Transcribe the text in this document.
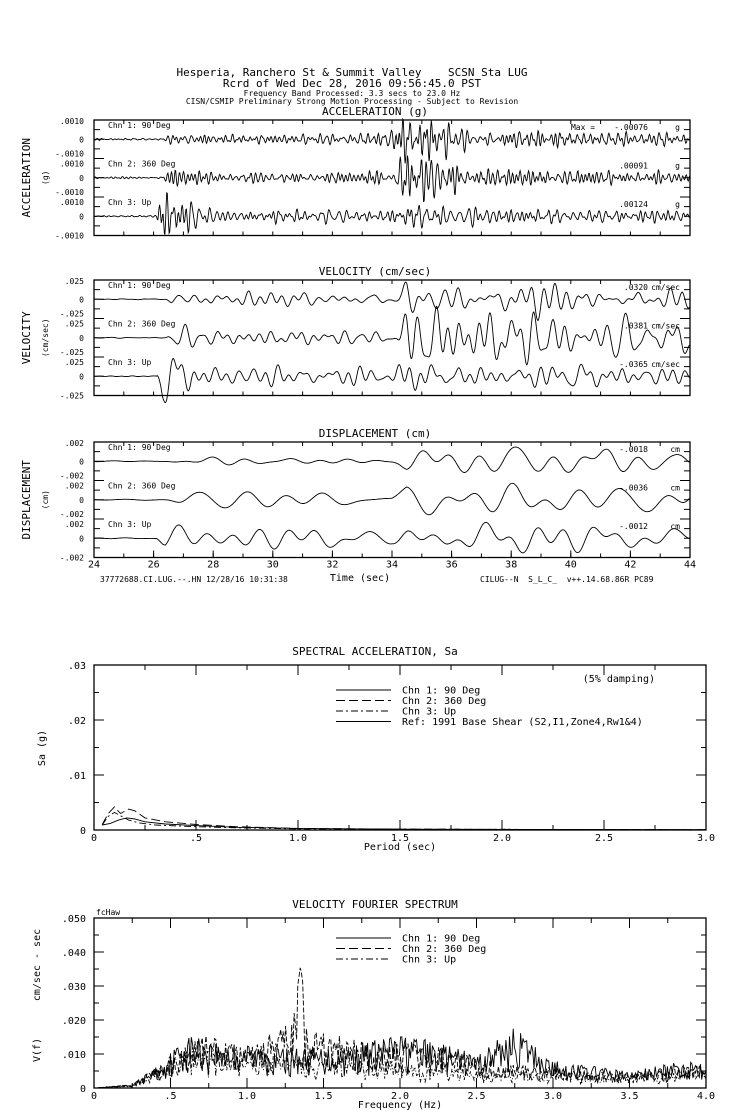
Hesperia, Ranchero St & Summit Valley    SCSN Sta LUG
Rcrd of Wed Dec 28, 2016 09:56:45.0 PST
Frequency Band Processed: 3.3 secs to 23.0 Hz
CISN/CSMIP Preliminary Strong Motion Processing - Subject to Revision
ACCELERATION (g)
ACCELERATION (g)
.0010
0
-.0010
Chn 1: 90 Deg	Max =    -.00076	g
.0010
0
-.0010
Chn 2: 360 Deg	.00091	g
.0010
0
-.0010
Chn 3: Up	.00124	g
VELOCITY (cm/sec)
VELOCITY (cm/sec)
.025
0
-.025
Chn 1: 90 Deg	.0320 cm/sec
.025
0
-.025
Chn 2: 360 Deg	.0381 cm/sec
.025
0
-.025
Chn 3: Up	-.0365 cm/sec
DISPLACEMENT (cm)
DISPLACEMENT (cm)
.002
0
-.002
Chn 1: 90 Deg	-.0018	cm
.002
0
-.002
Chn 2: 360 Deg	-.0036	cm
.002
0
-.002
Chn 3: Up	-.0012	cm
24	26	28	30	32	34	36	38	40	42	44
Time (sec)
37772688.CI.LUG.--.HN 12/28/16 10:31:38	CILUG--N  S_L_C_  v++.14.68.86R PC89
SPECTRAL ACCELERATION, Sa
(5% damping)
Period (sec)
Sa (g)
0	.5	1.0	1.5	2.0	2.5	3.0
0
.01
.02
.03
Chn 1: 90 Deg
Chn 2: 360 Deg
Chn 3: Up
Ref: 1991 Base Shear (S2,I1,Zone4,Rw1&4)
VELOCITY FOURIER SPECTRUM
fcHaw
Frequency (Hz)
V(f)
cm/sec - sec
0	.5	1.0	1.5	2.0	2.5	3.0	3.5	4.0
0
.010
.020
.030
.040
.050
Chn 1: 90 Deg
Chn 2: 360 Deg
Chn 3: Up
